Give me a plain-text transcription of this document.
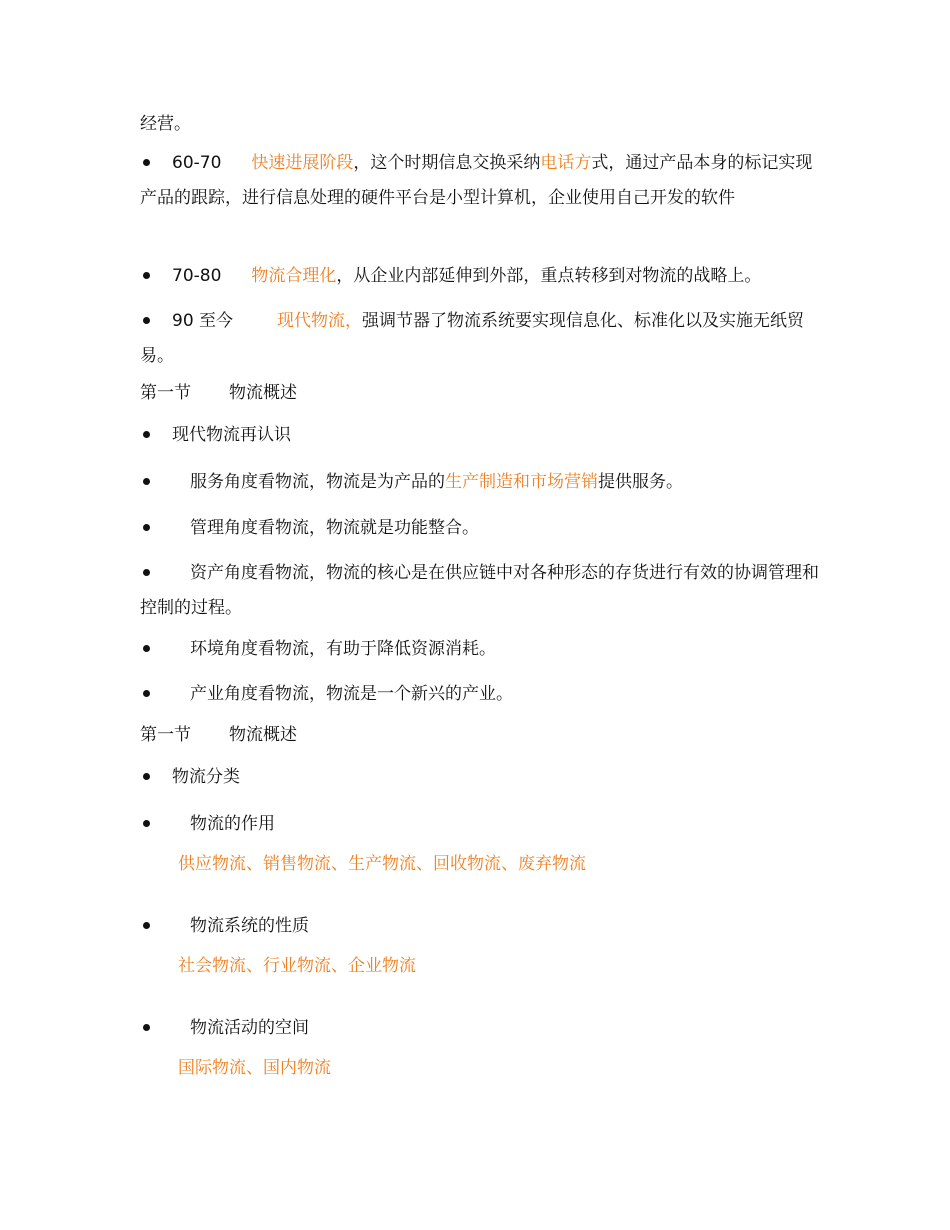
经营。

60-70 快速进展阶段，这个时期信息交换采纳电话方式，通过产品本身的标记实现产品的跟踪，进行信息处理的硬件平台是小型计算机，企业使用自己开发的软件

70-80 物流合理化，从企业内部延伸到外部，重点转移到对物流的战略上。

90 至今	现代物流，强调节器了物流系统要实现信息化、标准化以及实施无纸贸易。

第一节 物流概述

现代物流再认识

服务角度看物流，物流是为产品的生产制造和市场营销提供服务。

管理角度看物流，物流就是功能整合。

资产角度看物流，物流的核心是在供应链中对各种形态的存货进行有效的协调管理和控制的过程。

环境角度看物流，有助于降低资源消耗。

产业角度看物流，物流是一个新兴的产业。

第一节 物流概述

物流分类

物流的作用

供应物流、销售物流、生产物流、回收物流、废弃物流

物流系统的性质

社会物流、行业物流、企业物流

物流活动的空间

国际物流、国内物流
